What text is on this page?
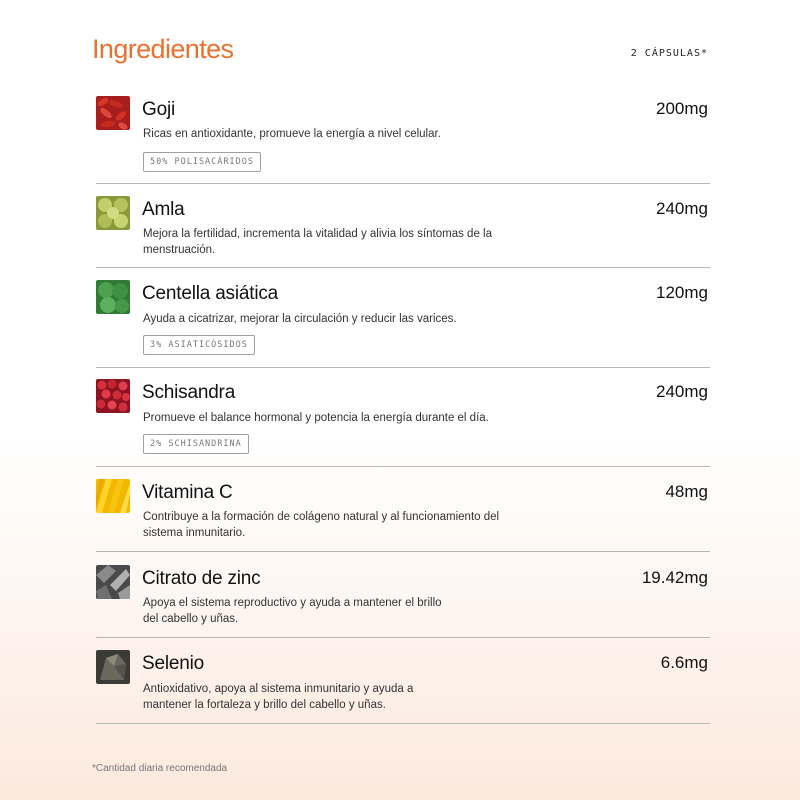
Ingredientes	2 CÁPSULAS*
Goji	200mg
Ricas en antioxidante, promueve la energía a nivel celular.
50% POLISACÁRIDOS
Amla	240mg
Mejora la fertilidad, incrementa la vitalidad y alivia los síntomas de la
menstruación.
Centella asiática	120mg
Ayuda a cicatrizar, mejorar la circulación y reducir las varices.
3% ASIATICÓSIDOS
Schisandra	240mg
Promueve el balance hormonal y potencia la energía durante el día.
2% SCHISANDRINA
Vitamina C	48mg
Contribuye a la formación de colágeno natural y al funcionamiento del
sistema inmunitario.
Citrato de zinc	19.42mg
Apoya el sistema reproductivo y ayuda a mantener el brillo
del cabello y uñas.
Selenio	6.6mg
Antioxidativo, apoya al sistema inmunitario y ayuda a
mantener la fortaleza y brillo del cabello y uñas.
*Cantidad diaria recomendada
